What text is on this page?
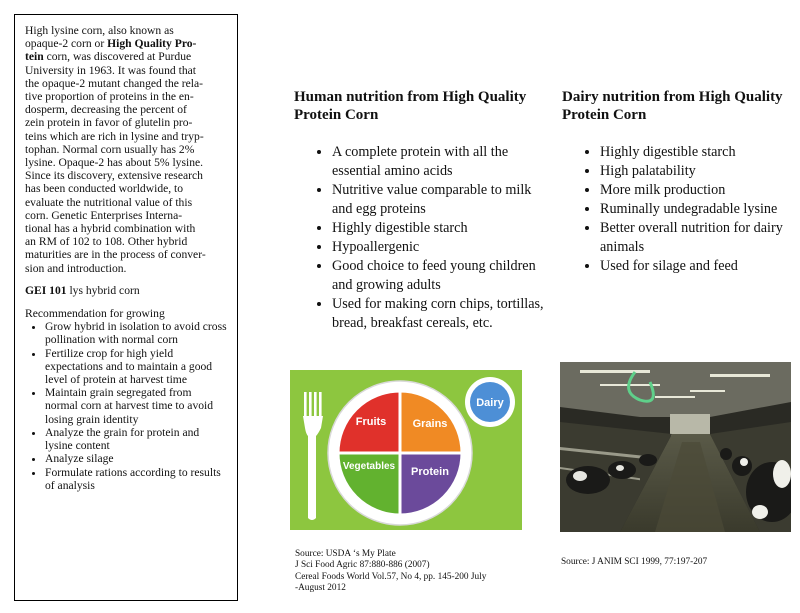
High lysine corn, also known as
opaque-2 corn or High Quality Pro-
tein corn, was discovered at Purdue
University in 1963. It was found that
the opaque-2 mutant changed the rela-
tive proportion of proteins in the en-
dosperm, decreasing the percent of
zein protein in favor of glutelin pro-
teins which are rich in lysine and tryp-
tophan. Normal corn usually has 2%
lysine. Opaque-2 has about 5% lysine.
Since its discovery, extensive research
has been conducted worldwide, to
evaluate the nutritional value of this
corn. Genetic Enterprises Interna-
tional has a hybrid combination with
an RM of 102 to 108. Other hybrid
maturities are in the process of conver-
sion and introduction.

GEI 101 lys hybrid corn

Recommendation for growing

• Grow hybrid in isolation to avoid cross pollination with normal corn
• Fertilize crop for high yield expectations and to maintain a good level of protein at harvest time
• Maintain grain segregated from normal corn at harvest time to avoid losing grain identity
• Analyze the grain for protein and lysine content
• Analyze silage
• Formulate rations according to results of analysis
Human nutrition from High Quality Protein Corn
• A complete protein with all the essential amino acids
• Nutritive value comparable to milk and egg proteins
• Highly digestible starch
• Hypoallergenic
• Good choice to feed young children and growing adults
• Used for making corn chips, tortillas, bread, breakfast cereals, etc.
Fruits Grains
Vegetables Protein
Dairy

Source: USDA ‘s My Plate
J Sci Food Agric 87:880-886 (2007)
Cereal Foods World Vol.57, No 4, pp. 145-200 July
-August 2012

Dairy nutrition from High Quality Protein Corn
• Highly digestible starch
• High palatability
• More milk production
• Ruminally undegradable lysine
• Better overall nutrition for dairy animals
• Used for silage and feed

Source: J ANIM SCI 1999, 77:197-207
